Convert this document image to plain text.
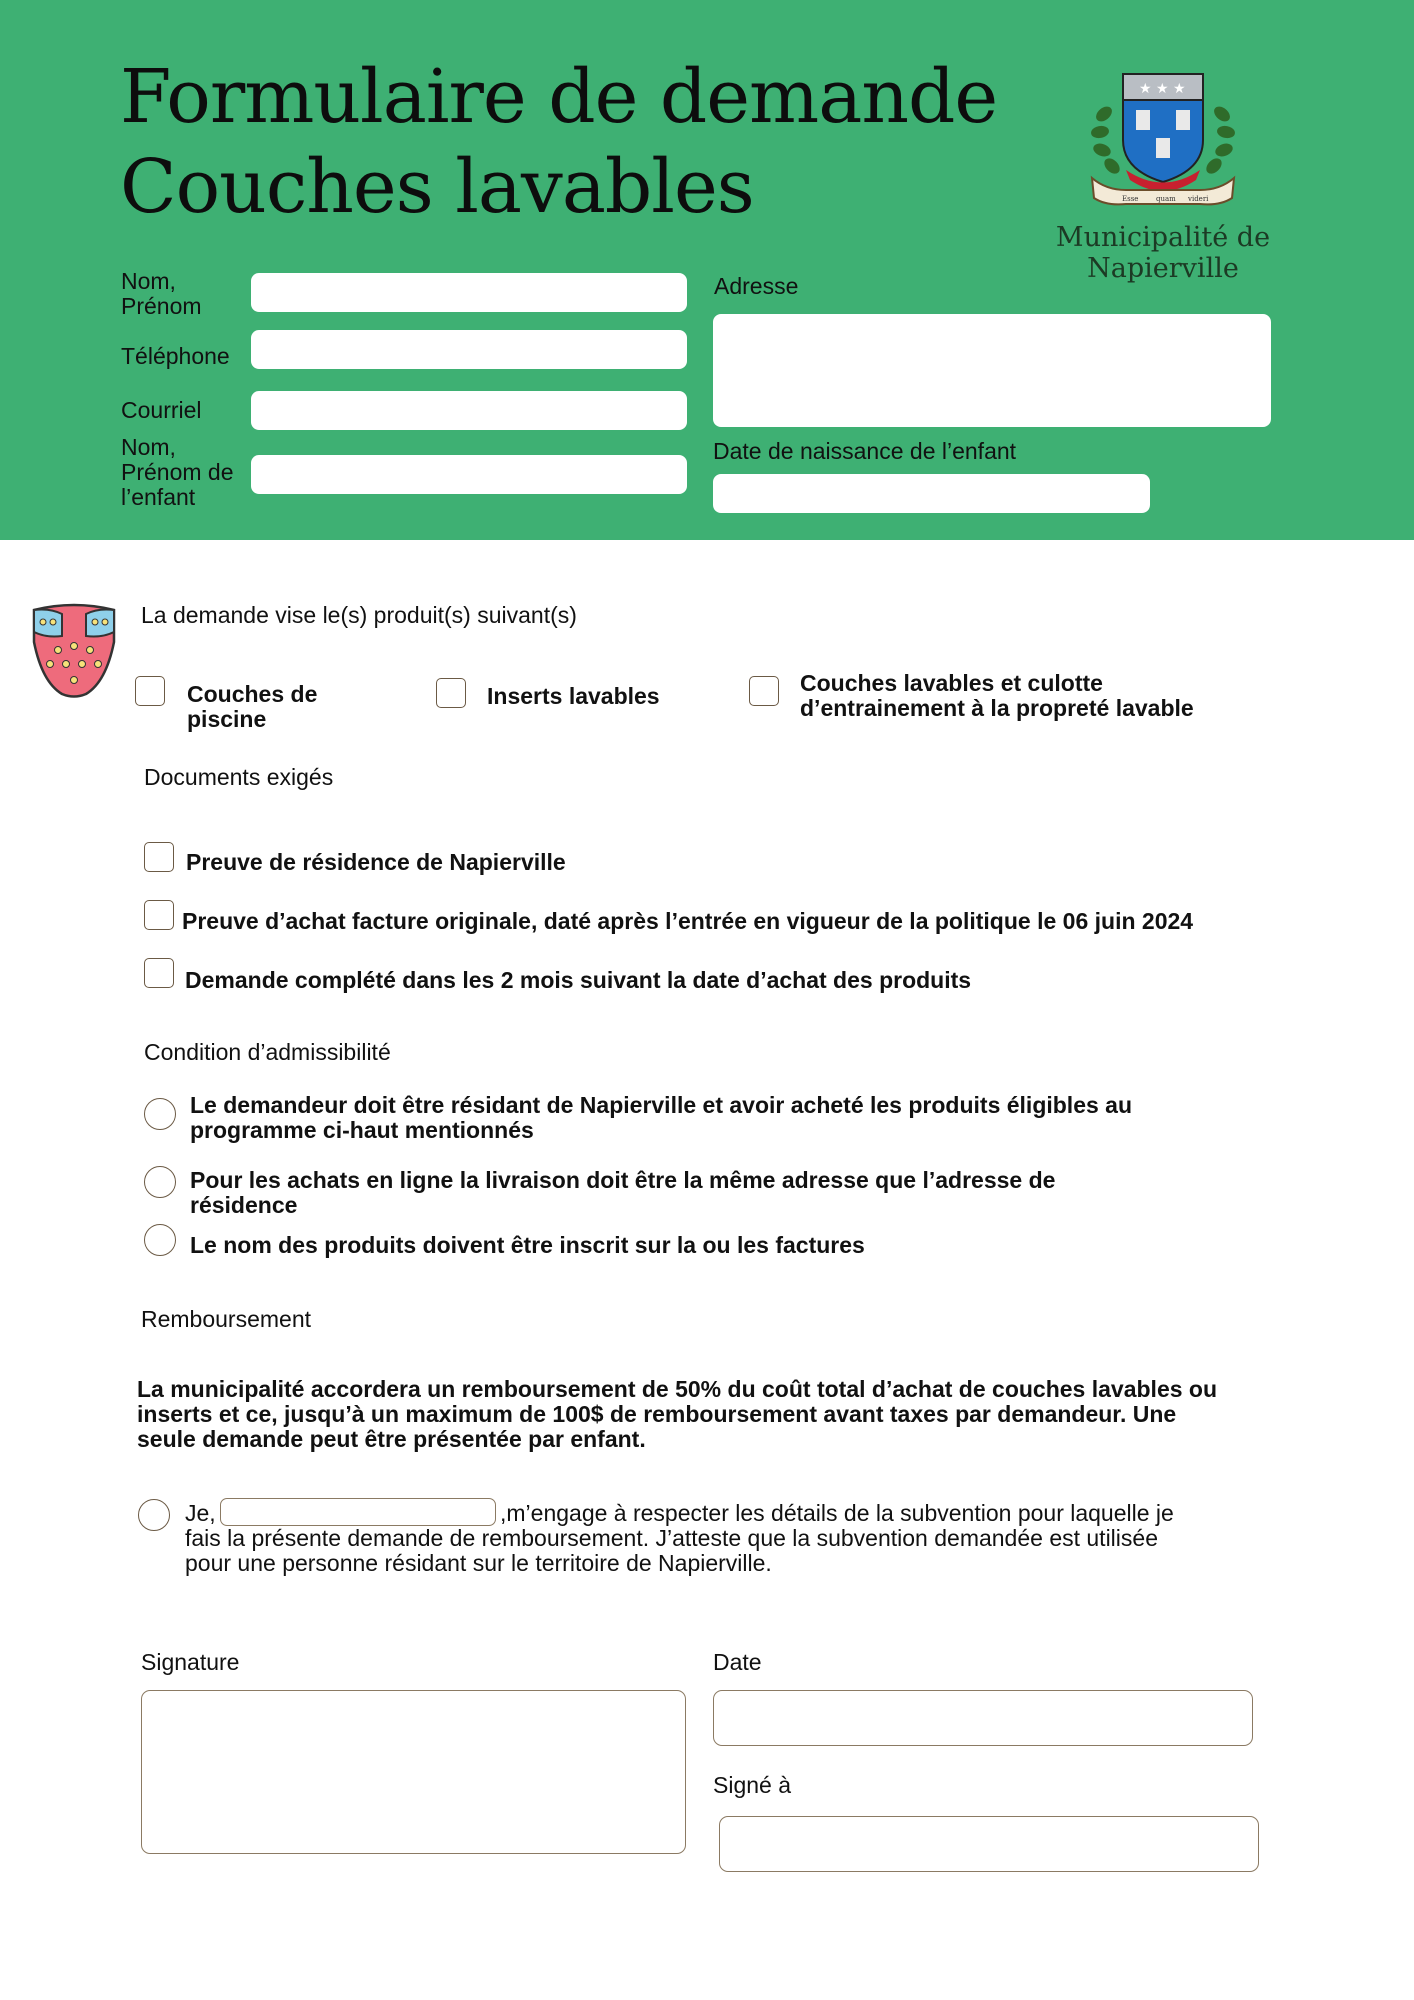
Formulaire de demande
Couches lavables
★ ★ ★
Esse	quam videri
Municipalité de
Napierville
Nom,
Prénom
Téléphone
Courriel
Nom,
Prénom de
l’enfant
Adresse
Date de naissance de l’enfant
La demande vise le(s) produit(s) suivant(s)
Couches de
piscine
Inserts lavables	Couches lavables et culotte
d’entrainement à la propreté lavable
Documents exigés
Preuve de résidence de Napierville
Preuve d’achat facture originale, daté après l’entrée en vigueur de la politique le 06 juin 2024
Demande complété dans les 2 mois suivant la date d’achat des produits
Condition d’admissibilité
Le demandeur doit être résidant de Napierville et avoir acheté les produits éligibles au
programme ci-haut mentionnés
Pour les achats en ligne la livraison doit être la même adresse que l’adresse de
résidence
Le nom des produits doivent être inscrit sur la ou les factures
Remboursement
La municipalité accordera un remboursement de 50% du coût total d’achat de couches lavables ou
inserts et ce, jusqu’à un maximum de 100$ de remboursement avant taxes par demandeur. Une
seule demande peut être présentée par enfant.
Je,	,m’engage à respecter les détails de la subvention pour laquelle je
fais la présente demande de remboursement. J’atteste que la subvention demandée est utilisée
pour une personne résidant sur le territoire de Napierville.
Signature	Date
Signé à
